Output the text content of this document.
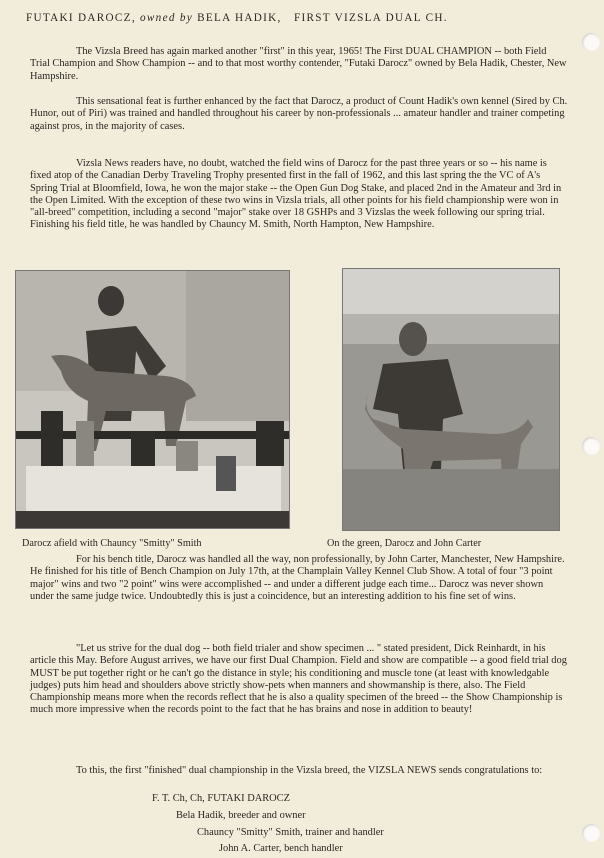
FUTAKI DAROCZ, owned by BELA HADIK, FIRST VIZSLA DUAL CH.

The Vizsla Breed has again marked another "first" in this year, 1965! The First DUAL CHAMPION -- both Field Trial Champion and Show Champion -- and to that most worthy contender, "Futaki Darocz" owned by Bela Hadik, Chester, New Hampshire.

This sensational feat is further enhanced by the fact that Darocz, a product of Count Hadik's own kennel (Sired by Ch. Hunor, out of Piri) was trained and handled throughout his career by non-professionals ... amateur handler and trainer competing against pros, in the majority of cases.

Vizsla News readers have, no doubt, watched the field wins of Darocz for the past three years or so -- his name is fixed atop of the Canadian Derby Traveling Trophy presented first in the fall of 1962, and this last spring the the VC of A's Spring Trial at Bloomfield, Iowa, he won the major stake -- the Open Gun Dog Stake, and placed 2nd in the Amateur and 3rd in the Open Limited. With the exception of these two wins in Vizsla trials, all other points for his field championship were won in "all-breed" competition, including a second "major" stake over 18 GSHPs and 3 Vizslas the week following our spring trial. Finishing his field title, he was handled by Chauncy M. Smith, North Hampton, New Hampshire.

Darocz afield with Chauncy "Smitty" Smith	On the green, Darocz and John Carter

For his bench title, Darocz was handled all the way, non professionally, by John Carter, Manchester, New Hampshire. He finished for his title of Bench Champion on July 17th, at the Champlain Valley Kennel Club Show. A total of four "3 point major" wins and two "2 point" wins were accomplished -- and under a different judge each time... Darocz was never shown under the same judge twice. Undoubtedly this is just a coincidence, but an interesting addition to his fine set of wins.

"Let us strive for the dual dog -- both field trialer and show specimen ... " stated president, Dick Reinhardt, in his article this May. Before August arrives, we have our first Dual Champion. Field and show are compatible -- a good field trial dog MUST be put together right or he can't go the distance in style; his conditioning and muscle tone (at least with knowledgable judges) puts him head and shoulders above strictly show-pets when manners and showmanship is there, also. The Field Championship means more when the records reflect that he is also a quality specimen of the breed -- the Show Championship is much more impressive when the records point to the fact that he has brains and nose in addition to beauty!

To this, the first "finished" dual championship in the Vizsla breed, the VIZSLA NEWS sends congratulations to:

F. T. Ch, Ch, FUTAKI DAROCZ
Bela Hadik, breeder and owner
Chauncy "Smitty" Smith, trainer and handler
John A. Carter, bench handler
